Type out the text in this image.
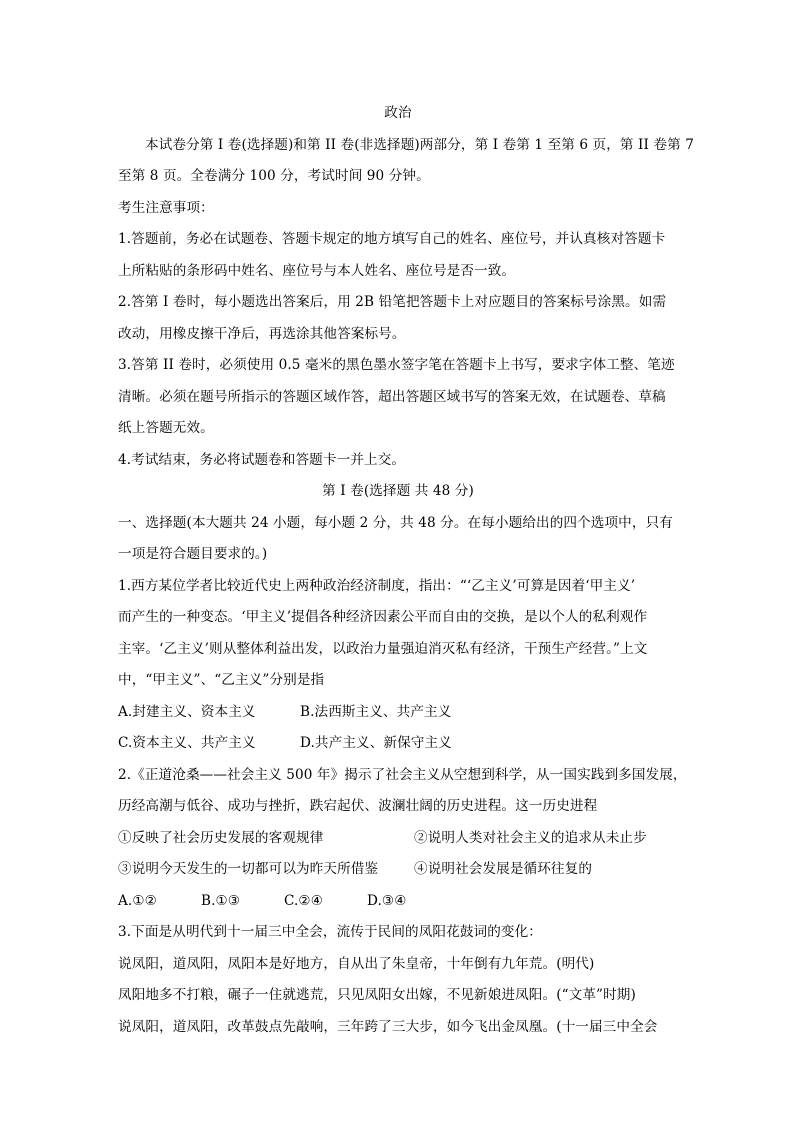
政治
本试卷分第 I 卷(选择题)和第 II 卷(非选择题)两部分，第 I 卷第 1 至第 6 页，第 II 卷第 7
至第 8 页。全卷满分 100 分，考试时间 90 分钟。
考生注意事项：
1.答题前，务必在试题卷、答题卡规定的地方填写自己的姓名、座位号，并认真核对答题卡
上所粘贴的条形码中姓名、座位号与本人姓名、座位号是否一致。
2.答第 I 卷时，每小题选出答案后，用 2B 铅笔把答题卡上对应题目的答案标号涂黑。如需
改动，用橡皮擦干净后，再选涂其他答案标号。
3.答第 II 卷时，必须使用 0.5 毫米的黑色墨水签字笔在答题卡上书写，要求字体工整、笔迹
清晰。必须在题号所指示的答题区域作答，超出答题区域书写的答案无效，在试题卷、草稿
纸上答题无效。
4.考试结束，务必将试题卷和答题卡一并上交。
第 I 卷(选择题 共 48 分)
一、选择题(本大题共 24 小题，每小题 2 分，共 48 分。在每小题给出的四个选项中，只有
一项是符合题目要求的。)
1.西方某位学者比较近代史上两种政治经济制度，指出：“‘乙主义’可算是因着‘甲主义’
而产生的一种变态。‘甲主义’提倡各种经济因素公平而自由的交换，是以个人的私利观作
主宰。‘乙主义’则从整体利益出发，以政治力量强迫消灭私有经济，干预生产经营。”上文
中，“甲主义”、“乙主义”分别是指
A.封建主义、资本主义	B.法西斯主义、共产主义
C.资本主义、共产主义	D.共产主义、新保守主义
2.《正道沧桑——社会主义 500 年》揭示了社会主义从空想到科学，从一国实践到多国发展，
历经高潮与低谷、成功与挫折，跌宕起伏、波澜壮阔的历史进程。这一历史进程
①反映了社会历史发展的客观规律	②说明人类对社会主义的追求从未止步
③说明今天发生的一切都可以为昨天所借鉴	④说明社会发展是循环往复的
A.①②	B.①③	C.②④	D.③④
3.下面是从明代到十一届三中全会，流传于民间的凤阳花鼓词的变化：
说凤阳，道凤阳，凤阳本是好地方，自从出了朱皇帝，十年倒有九年荒。(明代)
凤阳地多不打粮，碾子一住就逃荒，只见凤阳女出嫁，不见新娘进凤阳。(“文革”时期)
说凤阳，道凤阳，改革鼓点先敲响，三年跨了三大步，如今飞出金凤凰。(十一届三中全会
